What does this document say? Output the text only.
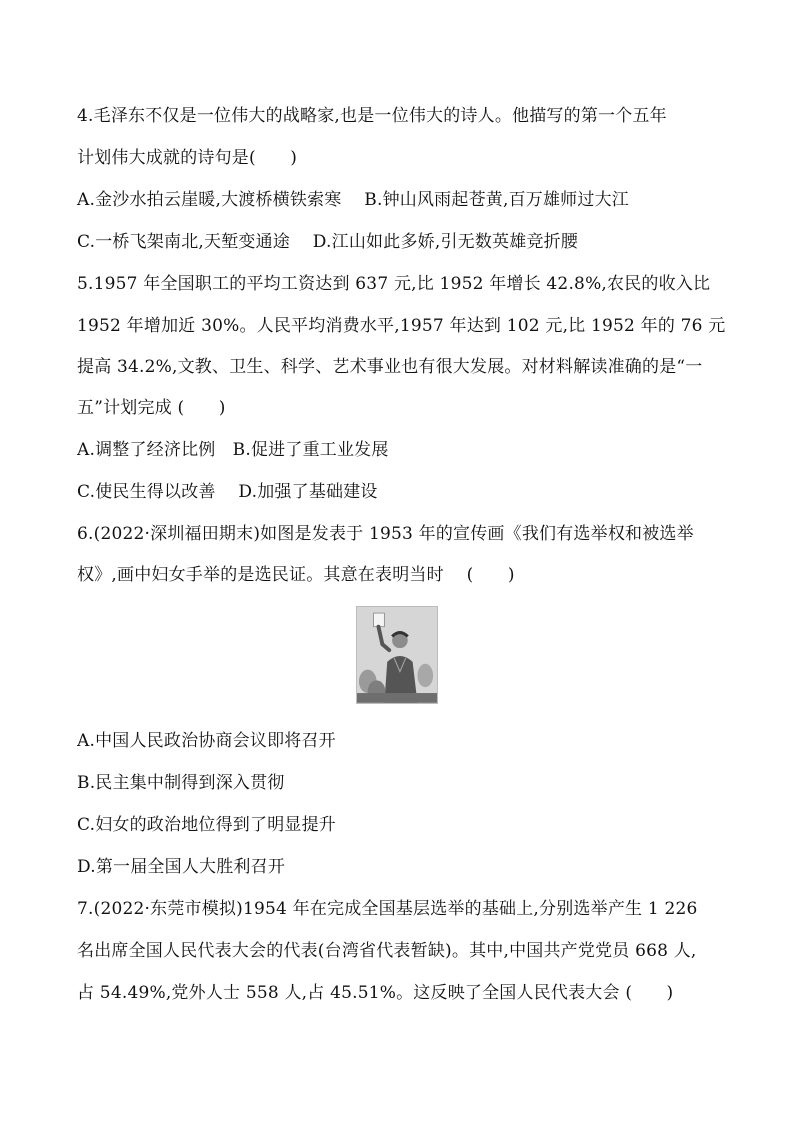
4.毛泽东不仅是一位伟大的战略家,也是一位伟大的诗人。他描写的第一个五年
计划伟大成就的诗句是(　　)
A.金沙水拍云崖暖,大渡桥横铁索寒　 B.钟山风雨起苍黄,百万雄师过大江
C.一桥飞架南北,天堑变通途　 D.江山如此多娇,引无数英雄竞折腰
5.1957 年全国职工的平均工资达到 637 元,比 1952 年增长 42.8%,农民的收入比
1952 年增加近 30%。人民平均消费水平,1957 年达到 102 元,比 1952 年的 76 元
提高 34.2%,文教、卫生、科学、艺术事业也有很大发展。对材料解读准确的是“一
五”计划完成 (　　)
A.调整了经济比例　B.促进了重工业发展
C.使民生得以改善　 D.加强了基础建设
6.(2022·深圳福田期末)如图是发表于 1953 年的宣传画《我们有选举权和被选举
权》,画中妇女手举的是选民证。其意在表明当时　 (　　)
A.中国人民政治协商会议即将召开
B.民主集中制得到深入贯彻
C.妇女的政治地位得到了明显提升
D.第一届全国人大胜利召开
7.(2022·东莞市模拟)1954 年在完成全国基层选举的基础上,分别选举产生 1 226
名出席全国人民代表大会的代表(台湾省代表暂缺)。其中,中国共产党党员 668 人,
占 54.49%,党外人士 558 人,占 45.51%。这反映了全国人民代表大会 (　　)
